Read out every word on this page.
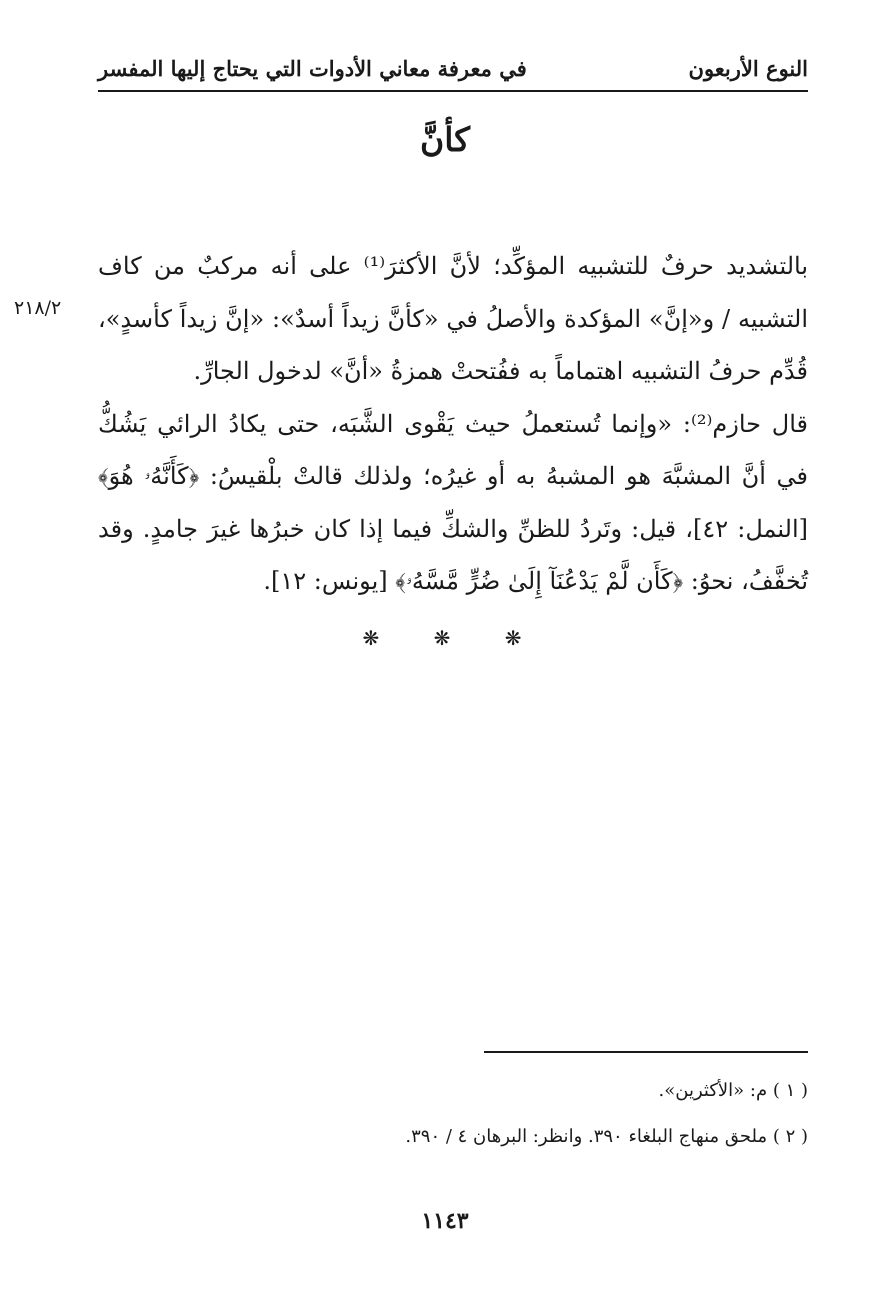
النوع الأربعون
في معرفة معاني الأدوات التي يحتاج إليها المفسر
كأنَّ

بالتشديد حرفٌ للتشبيه المؤكِّد؛ لأنَّ الأكثرَ⁽¹⁾ على أنه مركبٌ من كاف التشبيه / و«إنَّ» المؤكدة والأصلُ في «كأنَّ زيداً أسدٌ»: «إنَّ زيداً كأسدٍ»، قُدِّم حرفُ التشبيه اهتماماً به ففُتحتْ همزةُ «أنَّ» لدخول الجارِّ.

قال حازم⁽²⁾: «وإنما تُستعملُ حيث يَقْوى الشَّبَه، حتى يكادُ الرائي يَشُكُّ في أنَّ المشبَّهَ هو المشبهُ به أو غيرُه؛ ولذلك قالتْ بلْقيسُ: ﴿كَأَنَّهُۥ هُوَ﴾ [النمل: ٤٢]، قيل: وتَردُ للظنِّ والشكِّ فيما إذا كان خبرُها غيرَ جامدٍ. وقد تُخفَّفُ، نحوُ: ﴿كَأَن لَّمْ يَدْعُنَآ إِلَىٰ ضُرٍّ مَّسَّهُۥ﴾ [يونس: ١٢].

٢١٨/٢
❋ ❋ ❋
( ١ ) م: «الأكثرين».
( ٢ ) ملحق منهاج البلغاء ٣٩٠. وانظر: البرهان ٤ / ٣٩٠.
١١٤٣
